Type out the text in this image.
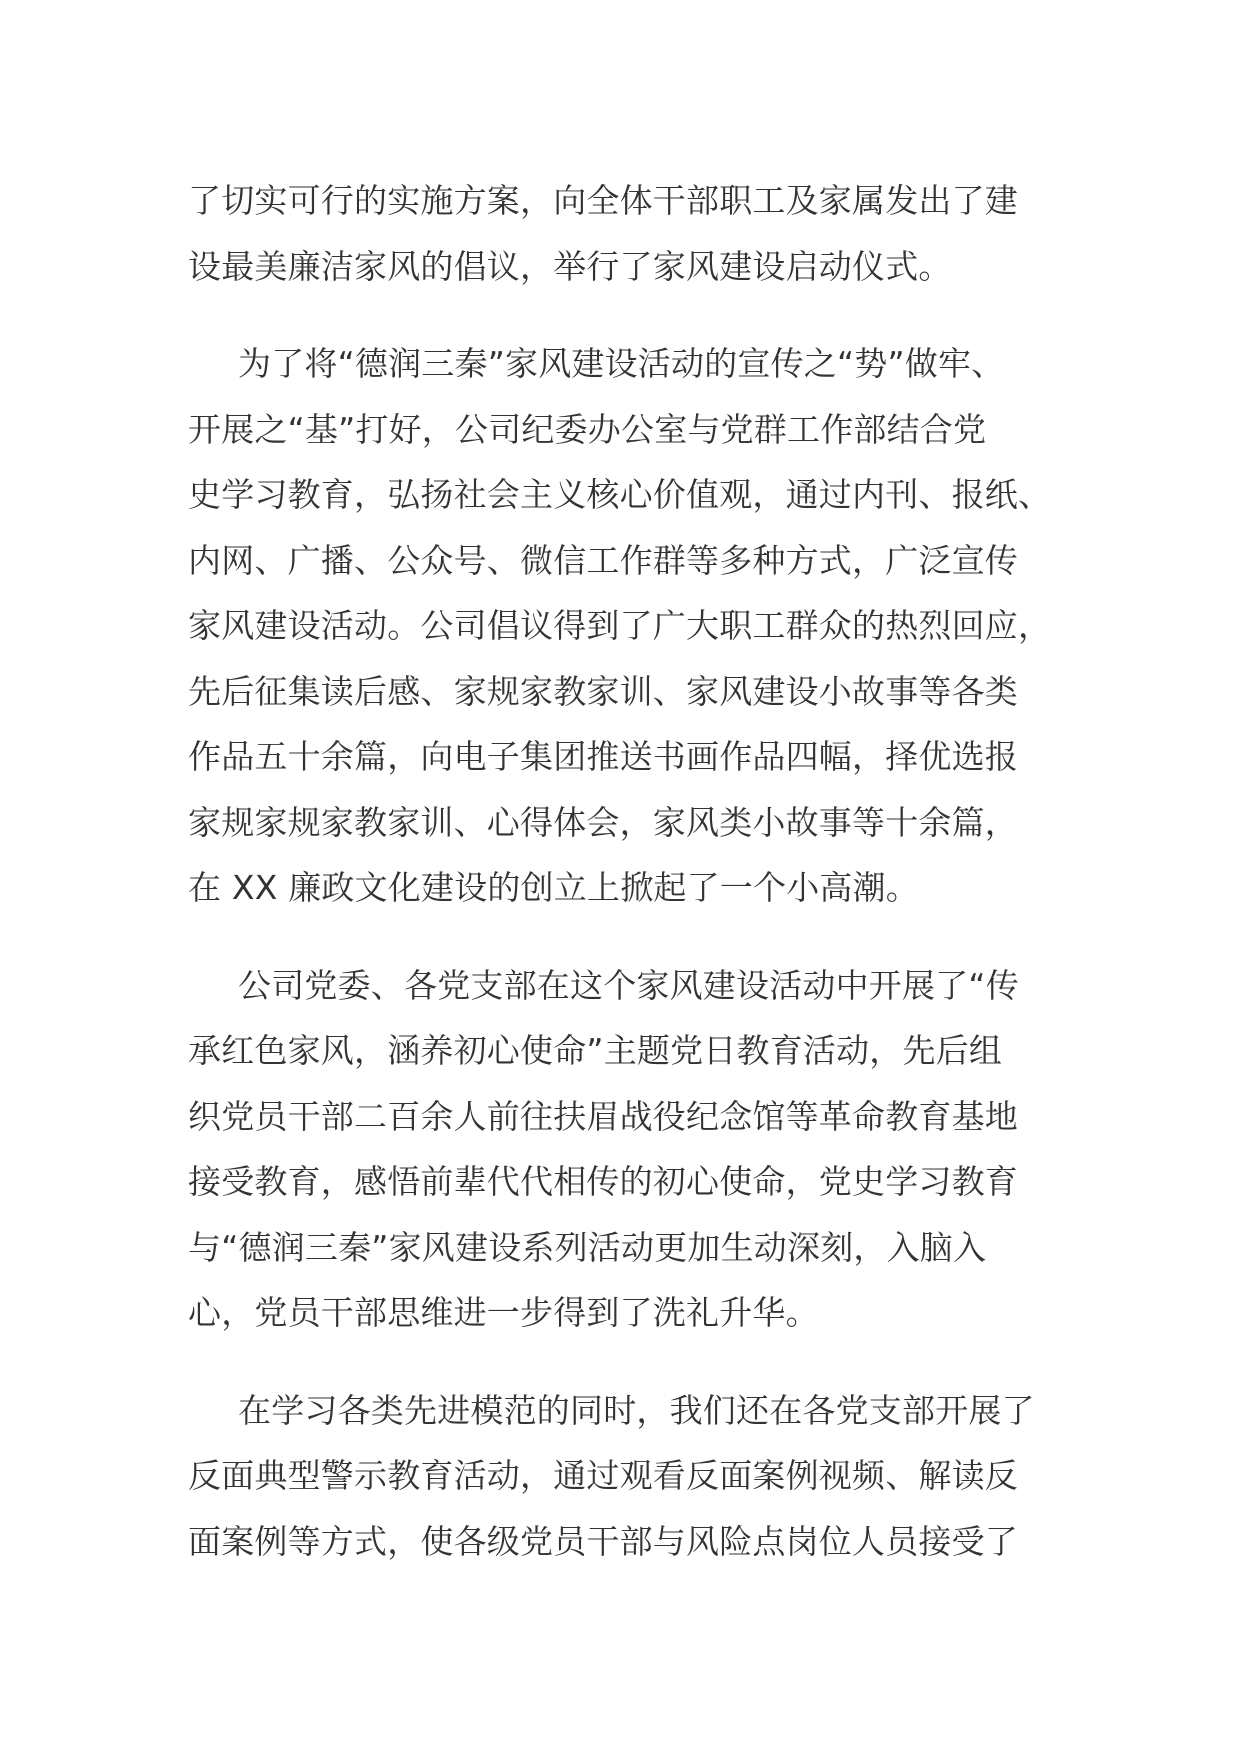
了切实可行的实施方案，向全体干部职工及家属发出了建
设最美廉洁家风的倡议，举行了家风建设启动仪式。
为了将“德润三秦”家风建设活动的宣传之“势”做牢、
开展之“基”打好，公司纪委办公室与党群工作部结合党
史学习教育，弘扬社会主义核心价值观，通过内刊、报纸、
内网、广播、公众号、微信工作群等多种方式，广泛宣传
家风建设活动。公司倡议得到了广大职工群众的热烈回应，
先后征集读后感、家规家教家训、家风建设小故事等各类
作品五十余篇，向电子集团推送书画作品四幅，择优选报
家规家规家教家训、心得体会，家风类小故事等十余篇，
在 XX 廉政文化建设的创立上掀起了一个小高潮。
公司党委、各党支部在这个家风建设活动中开展了“传
承红色家风，涵养初心使命”主题党日教育活动，先后组
织党员干部二百余人前往扶眉战役纪念馆等革命教育基地
接受教育，感悟前辈代代相传的初心使命，党史学习教育
与“德润三秦”家风建设系列活动更加生动深刻，入脑入
心，党员干部思维进一步得到了洗礼升华。
在学习各类先进模范的同时，我们还在各党支部开展了
反面典型警示教育活动，通过观看反面案例视频、解读反
面案例等方式，使各级党员干部与风险点岗位人员接受了
